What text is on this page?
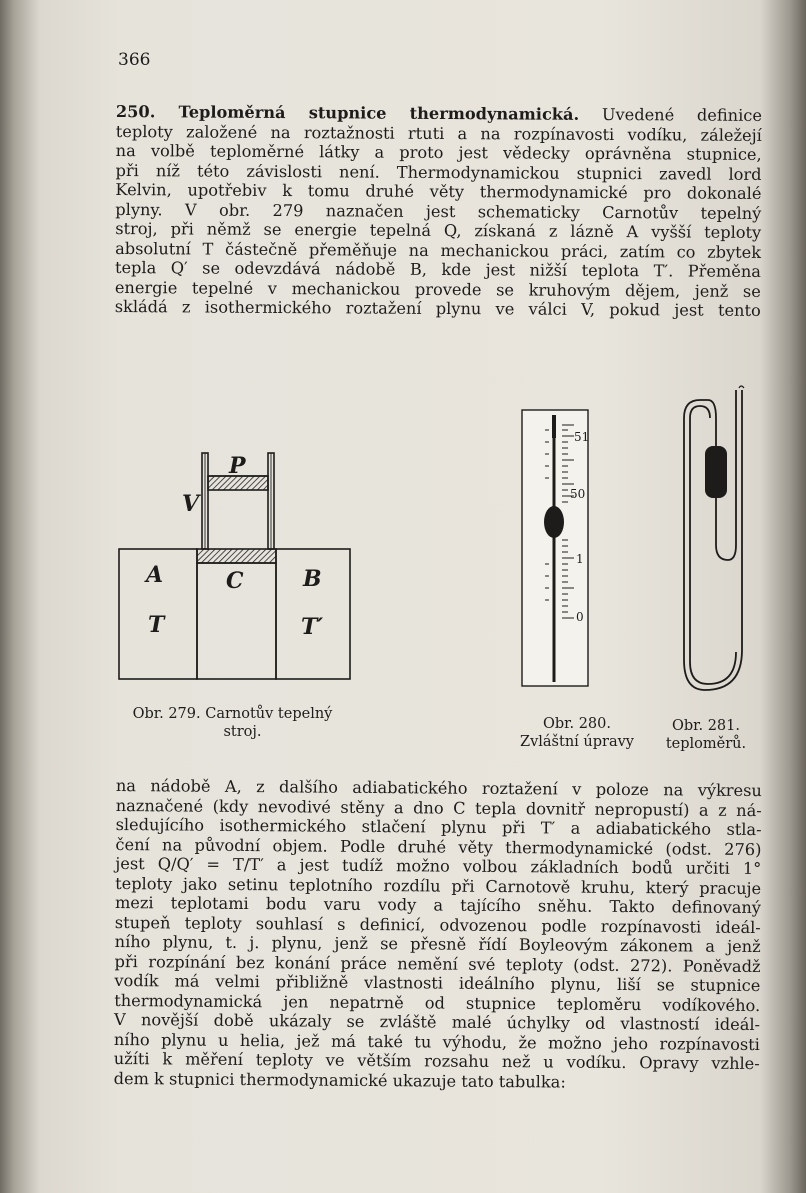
366
250. Teploměrná stupnice thermodynamická. Uvedené definice
teploty založené na roztažnosti rtuti a na rozpínavosti vodíku, záležejí
na volbě teploměrné látky a proto jest vědecky oprávněna stupnice,
při níž této závislosti není. Thermodynamickou stupnici zavedl lord
Kelvin, upotřebiv k tomu druhé věty thermodynamické pro dokonalé
plyny. V obr. 279 naznačen jest schematicky Carnotův tepelný
stroj, při němž se energie tepelná Q, získaná z lázně A vyšší teploty
absolutní T částečně přeměňuje na mechanickou práci, zatím co zbytek
tepla Q′ se odevzdává nádobě B, kde jest nižší teplota T′. Přeměna
energie tepelné v mechanickou provede se kruhovým dějem, jenž se
skládá z isothermického roztažení plynu ve válci V, pokud jest tento
P
V
A	C	B
T	T′
51
50
1
0
Obr. 279. Carnotův tepelný
stroj.	Obr. 280.
Zvláštní úpravy
Obr. 281.
teploměrů.
na nádobě A, z dalšího adiabatického roztažení v poloze na výkresu
naznačené (kdy nevodivé stěny a dno C tepla dovnitř nepropustí) a z ná-
sledujícího isothermického stlačení plynu při T′ a adiabatického stla-
čení na původní objem. Podle druhé věty thermodynamické (odst. 276)
jest Q/Q′ = T/T′ a jest tudíž možno volbou základních bodů určiti 1°
teploty jako setinu teplotního rozdílu při Carnotově kruhu, který pracuje
mezi teplotami bodu varu vody a tajícího sněhu. Takto definovaný
stupeň teploty souhlasí s definicí, odvozenou podle rozpínavosti ideál-
ního plynu, t. j. plynu, jenž se přesně řídí Boyleovým zákonem a jenž
při rozpínání bez konání práce nemění své teploty (odst. 272). Poněvadž
vodík má velmi přibližně vlastnosti ideálního plynu, liší se stupnice
thermodynamická jen nepatrně od stupnice teploměru vodíkového.
V novější době ukázaly se zvláště malé úchylky od vlastností ideál-
ního plynu u helia, jež má také tu výhodu, že možno jeho rozpínavosti
užíti k měření teploty ve větším rozsahu než u vodíku. Opravy vzhle-
dem k stupnici thermodynamické ukazuje tato tabulka:
